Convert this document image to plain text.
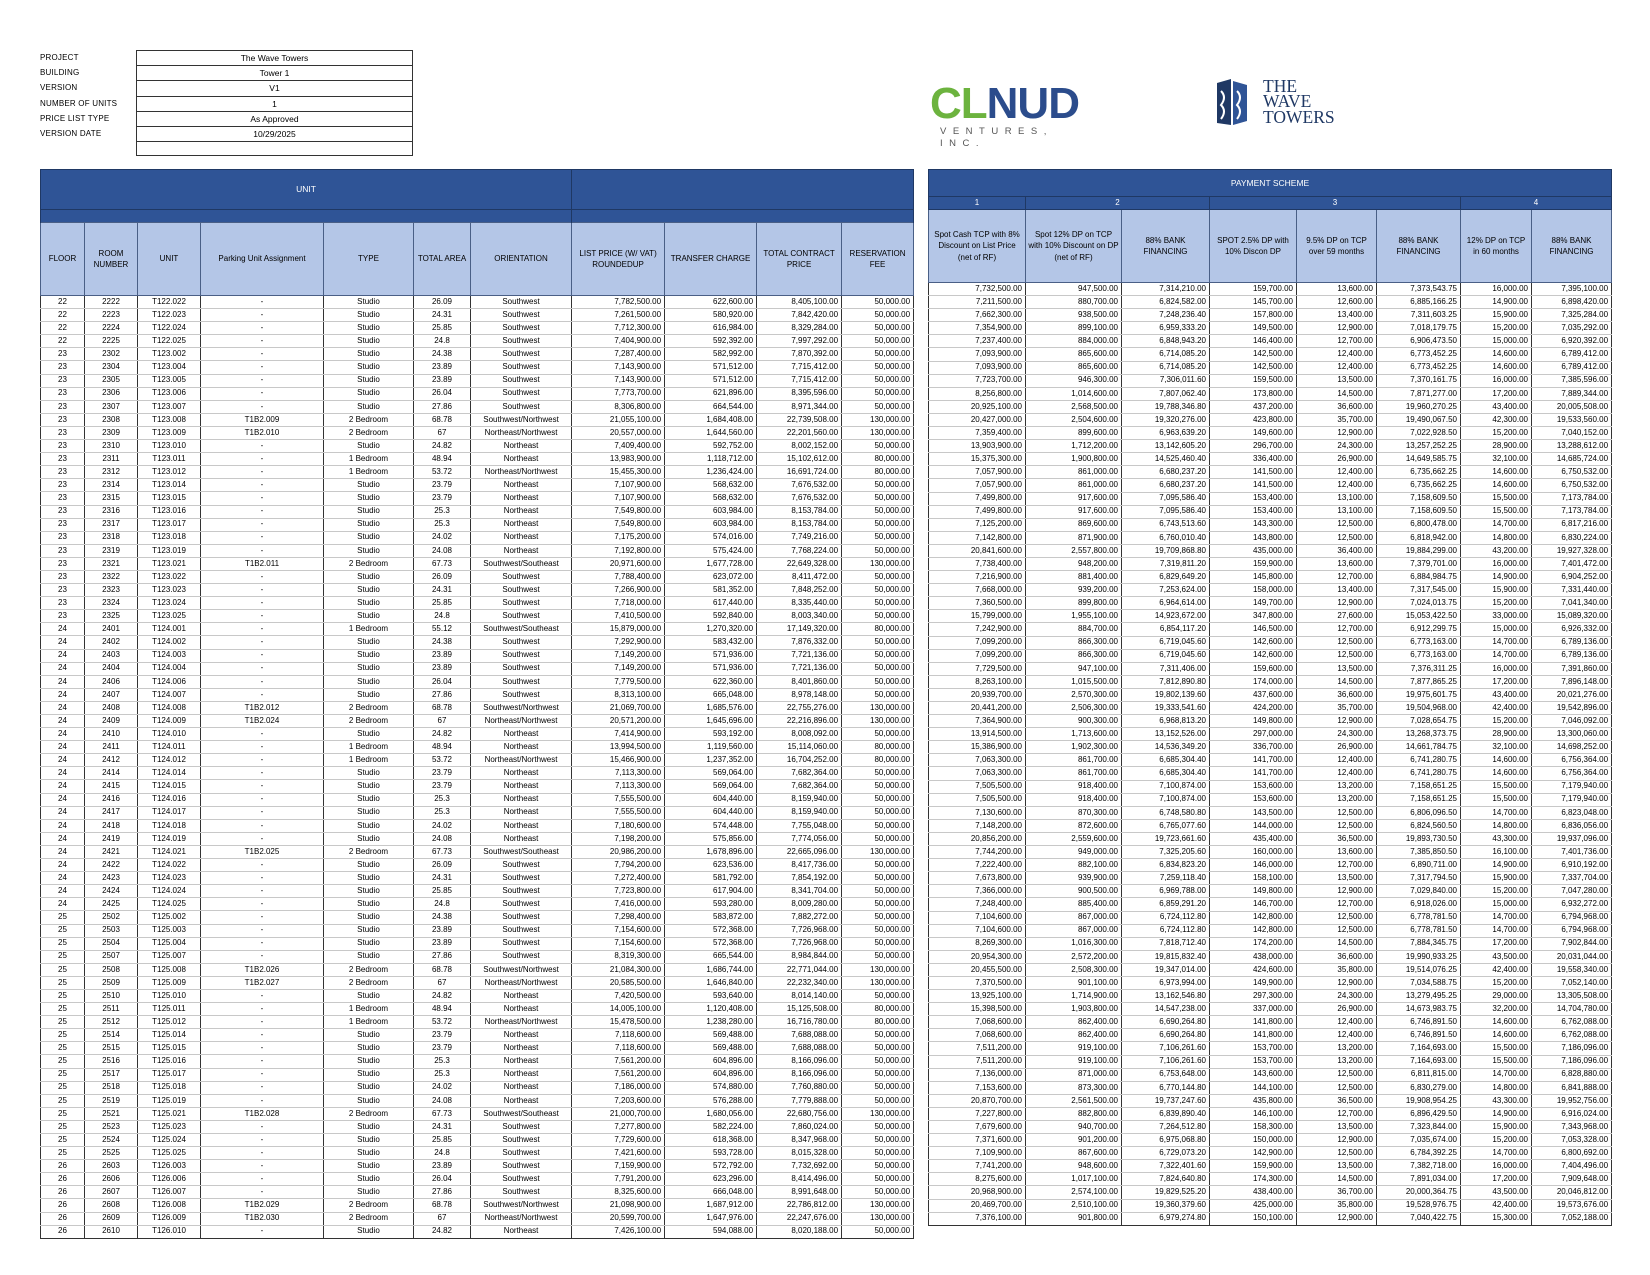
PROJECT	The Wave Towers
BUILDING	Tower 1
VERSION	V1
NUMBER OF UNITS	1
PRICE LIST TYPE	As Approved
VERSION DATE	10/29/2025
CLNUD
VENTURES, INC.
THE
WAVE
TOWERS
UNIT										

FLOOR	ROOM NUMBER	UNIT	Parking Unit Assignment	TYPE	TOTAL AREA	ORIENTATION	LIST PRICE (W/ VAT) ROUNDEDUP	TRANSFER CHARGE	TOTAL CONTRACT PRICE	RESERVATION FEE
22	2222	T122.022	-	Studio	26.09	Southwest	7,782,500.00	622,600.00	8,405,100.00	50,000.00
22	2223	T122.023	-	Studio	24.31	Southwest	7,261,500.00	580,920.00	7,842,420.00	50,000.00
22	2224	T122.024	-	Studio	25.85	Southwest	7,712,300.00	616,984.00	8,329,284.00	50,000.00
22	2225	T122.025	-	Studio	24.8	Southwest	7,404,900.00	592,392.00	7,997,292.00	50,000.00
23	2302	T123.002	-	Studio	24.38	Southwest	7,287,400.00	582,992.00	7,870,392.00	50,000.00
23	2304	T123.004	-	Studio	23.89	Southwest	7,143,900.00	571,512.00	7,715,412.00	50,000.00
23	2305	T123.005	-	Studio	23.89	Southwest	7,143,900.00	571,512.00	7,715,412.00	50,000.00
23	2306	T123.006	-	Studio	26.04	Southwest	7,773,700.00	621,896.00	8,395,596.00	50,000.00
23	2307	T123.007	-	Studio	27.86	Southwest	8,306,800.00	664,544.00	8,971,344.00	50,000.00
23	2308	T123.008	T1B2.009	2 Bedroom	68.78	Southwest/Northwest	21,055,100.00	1,684,408.00	22,739,508.00	130,000.00
23	2309	T123.009	T1B2.010	2 Bedroom	67	Northeast/Northwest	20,557,000.00	1,644,560.00	22,201,560.00	130,000.00
23	2310	T123.010	-	Studio	24.82	Northeast	7,409,400.00	592,752.00	8,002,152.00	50,000.00
23	2311	T123.011	-	1 Bedroom	48.94	Northeast	13,983,900.00	1,118,712.00	15,102,612.00	80,000.00
23	2312	T123.012	-	1 Bedroom	53.72	Northeast/Northwest	15,455,300.00	1,236,424.00	16,691,724.00	80,000.00
23	2314	T123.014	-	Studio	23.79	Northeast	7,107,900.00	568,632.00	7,676,532.00	50,000.00
23	2315	T123.015	-	Studio	23.79	Northeast	7,107,900.00	568,632.00	7,676,532.00	50,000.00
23	2316	T123.016	-	Studio	25.3	Northeast	7,549,800.00	603,984.00	8,153,784.00	50,000.00
23	2317	T123.017	-	Studio	25.3	Northeast	7,549,800.00	603,984.00	8,153,784.00	50,000.00
23	2318	T123.018	-	Studio	24.02	Northeast	7,175,200.00	574,016.00	7,749,216.00	50,000.00
23	2319	T123.019	-	Studio	24.08	Northeast	7,192,800.00	575,424.00	7,768,224.00	50,000.00
23	2321	T123.021	T1B2.011	2 Bedroom	67.73	Southwest/Southeast	20,971,600.00	1,677,728.00	22,649,328.00	130,000.00
23	2322	T123.022	-	Studio	26.09	Southwest	7,788,400.00	623,072.00	8,411,472.00	50,000.00
23	2323	T123.023	-	Studio	24.31	Southwest	7,266,900.00	581,352.00	7,848,252.00	50,000.00
23	2324	T123.024	-	Studio	25.85	Southwest	7,718,000.00	617,440.00	8,335,440.00	50,000.00
23	2325	T123.025	-	Studio	24.8	Southwest	7,410,500.00	592,840.00	8,003,340.00	50,000.00
24	2401	T124.001	-	1 Bedroom	55.12	Southwest/Southeast	15,879,000.00	1,270,320.00	17,149,320.00	80,000.00
24	2402	T124.002	-	Studio	24.38	Southwest	7,292,900.00	583,432.00	7,876,332.00	50,000.00
24	2403	T124.003	-	Studio	23.89	Southwest	7,149,200.00	571,936.00	7,721,136.00	50,000.00
24	2404	T124.004	-	Studio	23.89	Southwest	7,149,200.00	571,936.00	7,721,136.00	50,000.00
24	2406	T124.006	-	Studio	26.04	Southwest	7,779,500.00	622,360.00	8,401,860.00	50,000.00
24	2407	T124.007	-	Studio	27.86	Southwest	8,313,100.00	665,048.00	8,978,148.00	50,000.00
24	2408	T124.008	T1B2.012	2 Bedroom	68.78	Southwest/Northwest	21,069,700.00	1,685,576.00	22,755,276.00	130,000.00
24	2409	T124.009	T1B2.024	2 Bedroom	67	Northeast/Northwest	20,571,200.00	1,645,696.00	22,216,896.00	130,000.00
24	2410	T124.010	-	Studio	24.82	Northeast	7,414,900.00	593,192.00	8,008,092.00	50,000.00
24	2411	T124.011	-	1 Bedroom	48.94	Northeast	13,994,500.00	1,119,560.00	15,114,060.00	80,000.00
24	2412	T124.012	-	1 Bedroom	53.72	Northeast/Northwest	15,466,900.00	1,237,352.00	16,704,252.00	80,000.00
24	2414	T124.014	-	Studio	23.79	Northeast	7,113,300.00	569,064.00	7,682,364.00	50,000.00
24	2415	T124.015	-	Studio	23.79	Northeast	7,113,300.00	569,064.00	7,682,364.00	50,000.00
24	2416	T124.016	-	Studio	25.3	Northeast	7,555,500.00	604,440.00	8,159,940.00	50,000.00
24	2417	T124.017	-	Studio	25.3	Northeast	7,555,500.00	604,440.00	8,159,940.00	50,000.00
24	2418	T124.018	-	Studio	24.02	Northeast	7,180,600.00	574,448.00	7,755,048.00	50,000.00
24	2419	T124.019	-	Studio	24.08	Northeast	7,198,200.00	575,856.00	7,774,056.00	50,000.00
24	2421	T124.021	T1B2.025	2 Bedroom	67.73	Southwest/Southeast	20,986,200.00	1,678,896.00	22,665,096.00	130,000.00
24	2422	T124.022	-	Studio	26.09	Southwest	7,794,200.00	623,536.00	8,417,736.00	50,000.00
24	2423	T124.023	-	Studio	24.31	Southwest	7,272,400.00	581,792.00	7,854,192.00	50,000.00
24	2424	T124.024	-	Studio	25.85	Southwest	7,723,800.00	617,904.00	8,341,704.00	50,000.00
24	2425	T124.025	-	Studio	24.8	Southwest	7,416,000.00	593,280.00	8,009,280.00	50,000.00
25	2502	T125.002	-	Studio	24.38	Southwest	7,298,400.00	583,872.00	7,882,272.00	50,000.00
25	2503	T125.003	-	Studio	23.89	Southwest	7,154,600.00	572,368.00	7,726,968.00	50,000.00
25	2504	T125.004	-	Studio	23.89	Southwest	7,154,600.00	572,368.00	7,726,968.00	50,000.00
25	2507	T125.007	-	Studio	27.86	Southwest	8,319,300.00	665,544.00	8,984,844.00	50,000.00
25	2508	T125.008	T1B2.026	2 Bedroom	68.78	Southwest/Northwest	21,084,300.00	1,686,744.00	22,771,044.00	130,000.00
25	2509	T125.009	T1B2.027	2 Bedroom	67	Northeast/Northwest	20,585,500.00	1,646,840.00	22,232,340.00	130,000.00
25	2510	T125.010	-	Studio	24.82	Northeast	7,420,500.00	593,640.00	8,014,140.00	50,000.00
25	2511	T125.011	-	1 Bedroom	48.94	Northeast	14,005,100.00	1,120,408.00	15,125,508.00	80,000.00
25	2512	T125.012	-	1 Bedroom	53.72	Northeast/Northwest	15,478,500.00	1,238,280.00	16,716,780.00	80,000.00
25	2514	T125.014	-	Studio	23.79	Northeast	7,118,600.00	569,488.00	7,688,088.00	50,000.00
25	2515	T125.015	-	Studio	23.79	Northeast	7,118,600.00	569,488.00	7,688,088.00	50,000.00
25	2516	T125.016	-	Studio	25.3	Northeast	7,561,200.00	604,896.00	8,166,096.00	50,000.00
25	2517	T125.017	-	Studio	25.3	Northeast	7,561,200.00	604,896.00	8,166,096.00	50,000.00
25	2518	T125.018	-	Studio	24.02	Northeast	7,186,000.00	574,880.00	7,760,880.00	50,000.00
25	2519	T125.019	-	Studio	24.08	Northeast	7,203,600.00	576,288.00	7,779,888.00	50,000.00
25	2521	T125.021	T1B2.028	2 Bedroom	67.73	Southwest/Southeast	21,000,700.00	1,680,056.00	22,680,756.00	130,000.00
25	2523	T125.023	-	Studio	24.31	Southwest	7,277,800.00	582,224.00	7,860,024.00	50,000.00
25	2524	T125.024	-	Studio	25.85	Southwest	7,729,600.00	618,368.00	8,347,968.00	50,000.00
25	2525	T125.025	-	Studio	24.8	Southwest	7,421,600.00	593,728.00	8,015,328.00	50,000.00
26	2603	T126.003	-	Studio	23.89	Southwest	7,159,900.00	572,792.00	7,732,692.00	50,000.00
26	2606	T126.006	-	Studio	26.04	Southwest	7,791,200.00	623,296.00	8,414,496.00	50,000.00
26	2607	T126.007	-	Studio	27.86	Southwest	8,325,600.00	666,048.00	8,991,648.00	50,000.00
26	2608	T126.008	T1B2.029	2 Bedroom	68.78	Southwest/Northwest	21,098,900.00	1,687,912.00	22,786,812.00	130,000.00
26	2609	T126.009	T1B2.030	2 Bedroom	67	Northeast/Northwest	20,599,700.00	1,647,976.00	22,247,676.00	130,000.00
26	2610	T126.010	-	Studio	24.82	Northeast	7,426,100.00	594,088.00	8,020,188.00	50,000.00
PAYMENT SCHEME							
1	2		3			4	
Spot Cash TCP with 8% Discount on List Price (net of RF)	Spot 12% DP on TCP with 10% Discount on DP (net of RF)	88% BANK FINANCING	SPOT 2.5% DP with 10% Discon DP	9.5% DP on TCP over 59 months	88% BANK FINANCING	12% DP on TCP in 60 months	88% BANK FINANCING
7,732,500.00	947,500.00	7,314,210.00	159,700.00	13,600.00	7,373,543.75	16,000.00	7,395,100.00
7,211,500.00	880,700.00	6,824,582.00	145,700.00	12,600.00	6,885,166.25	14,900.00	6,898,420.00
7,662,300.00	938,500.00	7,248,236.40	157,800.00	13,400.00	7,311,603.25	15,900.00	7,325,284.00
7,354,900.00	899,100.00	6,959,333.20	149,500.00	12,900.00	7,018,179.75	15,200.00	7,035,292.00
7,237,400.00	884,000.00	6,848,943.20	146,400.00	12,700.00	6,906,473.50	15,000.00	6,920,392.00
7,093,900.00	865,600.00	6,714,085.20	142,500.00	12,400.00	6,773,452.25	14,600.00	6,789,412.00
7,093,900.00	865,600.00	6,714,085.20	142,500.00	12,400.00	6,773,452.25	14,600.00	6,789,412.00
7,723,700.00	946,300.00	7,306,011.60	159,500.00	13,500.00	7,370,161.75	16,000.00	7,385,596.00
8,256,800.00	1,014,600.00	7,807,062.40	173,800.00	14,500.00	7,871,277.00	17,200.00	7,889,344.00
20,925,100.00	2,568,500.00	19,788,346.80	437,200.00	36,600.00	19,960,270.25	43,400.00	20,005,508.00
20,427,000.00	2,504,600.00	19,320,276.00	423,800.00	35,700.00	19,490,067.50	42,300.00	19,533,560.00
7,359,400.00	899,600.00	6,963,639.20	149,600.00	12,900.00	7,022,928.50	15,200.00	7,040,152.00
13,903,900.00	1,712,200.00	13,142,605.20	296,700.00	24,300.00	13,257,252.25	28,900.00	13,288,612.00
15,375,300.00	1,900,800.00	14,525,460.40	336,400.00	26,900.00	14,649,585.75	32,100.00	14,685,724.00
7,057,900.00	861,000.00	6,680,237.20	141,500.00	12,400.00	6,735,662.25	14,600.00	6,750,532.00
7,057,900.00	861,000.00	6,680,237.20	141,500.00	12,400.00	6,735,662.25	14,600.00	6,750,532.00
7,499,800.00	917,600.00	7,095,586.40	153,400.00	13,100.00	7,158,609.50	15,500.00	7,173,784.00
7,499,800.00	917,600.00	7,095,586.40	153,400.00	13,100.00	7,158,609.50	15,500.00	7,173,784.00
7,125,200.00	869,600.00	6,743,513.60	143,300.00	12,500.00	6,800,478.00	14,700.00	6,817,216.00
7,142,800.00	871,900.00	6,760,010.40	143,800.00	12,500.00	6,818,942.00	14,800.00	6,830,224.00
20,841,600.00	2,557,800.00	19,709,868.80	435,000.00	36,400.00	19,884,299.00	43,200.00	19,927,328.00
7,738,400.00	948,200.00	7,319,811.20	159,900.00	13,600.00	7,379,701.00	16,000.00	7,401,472.00
7,216,900.00	881,400.00	6,829,649.20	145,800.00	12,700.00	6,884,984.75	14,900.00	6,904,252.00
7,668,000.00	939,200.00	7,253,624.00	158,000.00	13,400.00	7,317,545.00	15,900.00	7,331,440.00
7,360,500.00	899,800.00	6,964,614.00	149,700.00	12,900.00	7,024,013.75	15,200.00	7,041,340.00
15,799,000.00	1,955,100.00	14,923,672.00	347,800.00	27,600.00	15,053,422.50	33,000.00	15,089,320.00
7,242,900.00	884,700.00	6,854,117.20	146,500.00	12,700.00	6,912,299.75	15,000.00	6,926,332.00
7,099,200.00	866,300.00	6,719,045.60	142,600.00	12,500.00	6,773,163.00	14,700.00	6,789,136.00
7,099,200.00	866,300.00	6,719,045.60	142,600.00	12,500.00	6,773,163.00	14,700.00	6,789,136.00
7,729,500.00	947,100.00	7,311,406.00	159,600.00	13,500.00	7,376,311.25	16,000.00	7,391,860.00
8,263,100.00	1,015,500.00	7,812,890.80	174,000.00	14,500.00	7,877,865.25	17,200.00	7,896,148.00
20,939,700.00	2,570,300.00	19,802,139.60	437,600.00	36,600.00	19,975,601.75	43,400.00	20,021,276.00
20,441,200.00	2,506,300.00	19,333,541.60	424,200.00	35,700.00	19,504,968.00	42,400.00	19,542,896.00
7,364,900.00	900,300.00	6,968,813.20	149,800.00	12,900.00	7,028,654.75	15,200.00	7,046,092.00
13,914,500.00	1,713,600.00	13,152,526.00	297,000.00	24,300.00	13,268,373.75	28,900.00	13,300,060.00
15,386,900.00	1,902,300.00	14,536,349.20	336,700.00	26,900.00	14,661,784.75	32,100.00	14,698,252.00
7,063,300.00	861,700.00	6,685,304.40	141,700.00	12,400.00	6,741,280.75	14,600.00	6,756,364.00
7,063,300.00	861,700.00	6,685,304.40	141,700.00	12,400.00	6,741,280.75	14,600.00	6,756,364.00
7,505,500.00	918,400.00	7,100,874.00	153,600.00	13,200.00	7,158,651.25	15,500.00	7,179,940.00
7,505,500.00	918,400.00	7,100,874.00	153,600.00	13,200.00	7,158,651.25	15,500.00	7,179,940.00
7,130,600.00	870,300.00	6,748,580.80	143,500.00	12,500.00	6,806,096.50	14,700.00	6,823,048.00
7,148,200.00	872,600.00	6,765,077.60	144,000.00	12,500.00	6,824,560.50	14,800.00	6,836,056.00
20,856,200.00	2,559,600.00	19,723,661.60	435,400.00	36,500.00	19,893,730.50	43,300.00	19,937,096.00
7,744,200.00	949,000.00	7,325,205.60	160,000.00	13,600.00	7,385,850.50	16,100.00	7,401,736.00
7,222,400.00	882,100.00	6,834,823.20	146,000.00	12,700.00	6,890,711.00	14,900.00	6,910,192.00
7,673,800.00	939,900.00	7,259,118.40	158,100.00	13,500.00	7,317,794.50	15,900.00	7,337,704.00
7,366,000.00	900,500.00	6,969,788.00	149,800.00	12,900.00	7,029,840.00	15,200.00	7,047,280.00
7,248,400.00	885,400.00	6,859,291.20	146,700.00	12,700.00	6,918,026.00	15,000.00	6,932,272.00
7,104,600.00	867,000.00	6,724,112.80	142,800.00	12,500.00	6,778,781.50	14,700.00	6,794,968.00
7,104,600.00	867,000.00	6,724,112.80	142,800.00	12,500.00	6,778,781.50	14,700.00	6,794,968.00
8,269,300.00	1,016,300.00	7,818,712.40	174,200.00	14,500.00	7,884,345.75	17,200.00	7,902,844.00
20,954,300.00	2,572,200.00	19,815,832.40	438,000.00	36,600.00	19,990,933.25	43,500.00	20,031,044.00
20,455,500.00	2,508,300.00	19,347,014.00	424,600.00	35,800.00	19,514,076.25	42,400.00	19,558,340.00
7,370,500.00	901,100.00	6,973,994.00	149,900.00	12,900.00	7,034,588.75	15,200.00	7,052,140.00
13,925,100.00	1,714,900.00	13,162,546.80	297,300.00	24,300.00	13,279,495.25	29,000.00	13,305,508.00
15,398,500.00	1,903,800.00	14,547,238.00	337,000.00	26,900.00	14,673,983.75	32,200.00	14,704,780.00
7,068,600.00	862,400.00	6,690,264.80	141,800.00	12,400.00	6,746,891.50	14,600.00	6,762,088.00
7,068,600.00	862,400.00	6,690,264.80	141,800.00	12,400.00	6,746,891.50	14,600.00	6,762,088.00
7,511,200.00	919,100.00	7,106,261.60	153,700.00	13,200.00	7,164,693.00	15,500.00	7,186,096.00
7,511,200.00	919,100.00	7,106,261.60	153,700.00	13,200.00	7,164,693.00	15,500.00	7,186,096.00
7,136,000.00	871,000.00	6,753,648.00	143,600.00	12,500.00	6,811,815.00	14,700.00	6,828,880.00
7,153,600.00	873,300.00	6,770,144.80	144,100.00	12,500.00	6,830,279.00	14,800.00	6,841,888.00
20,870,700.00	2,561,500.00	19,737,247.60	435,800.00	36,500.00	19,908,954.25	43,300.00	19,952,756.00
7,227,800.00	882,800.00	6,839,890.40	146,100.00	12,700.00	6,896,429.50	14,900.00	6,916,024.00
7,679,600.00	940,700.00	7,264,512.80	158,300.00	13,500.00	7,323,844.00	15,900.00	7,343,968.00
7,371,600.00	901,200.00	6,975,068.80	150,000.00	12,900.00	7,035,674.00	15,200.00	7,053,328.00
7,109,900.00	867,600.00	6,729,073.20	142,900.00	12,500.00	6,784,392.25	14,700.00	6,800,692.00
7,741,200.00	948,600.00	7,322,401.60	159,900.00	13,500.00	7,382,718.00	16,000.00	7,404,496.00
8,275,600.00	1,017,100.00	7,824,640.80	174,300.00	14,500.00	7,891,034.00	17,200.00	7,909,648.00
20,968,900.00	2,574,100.00	19,829,525.20	438,400.00	36,700.00	20,000,364.75	43,500.00	20,046,812.00
20,469,700.00	2,510,100.00	19,360,379.60	425,000.00	35,800.00	19,528,976.75	42,400.00	19,573,676.00
7,376,100.00	901,800.00	6,979,274.80	150,100.00	12,900.00	7,040,422.75	15,300.00	7,052,188.00
